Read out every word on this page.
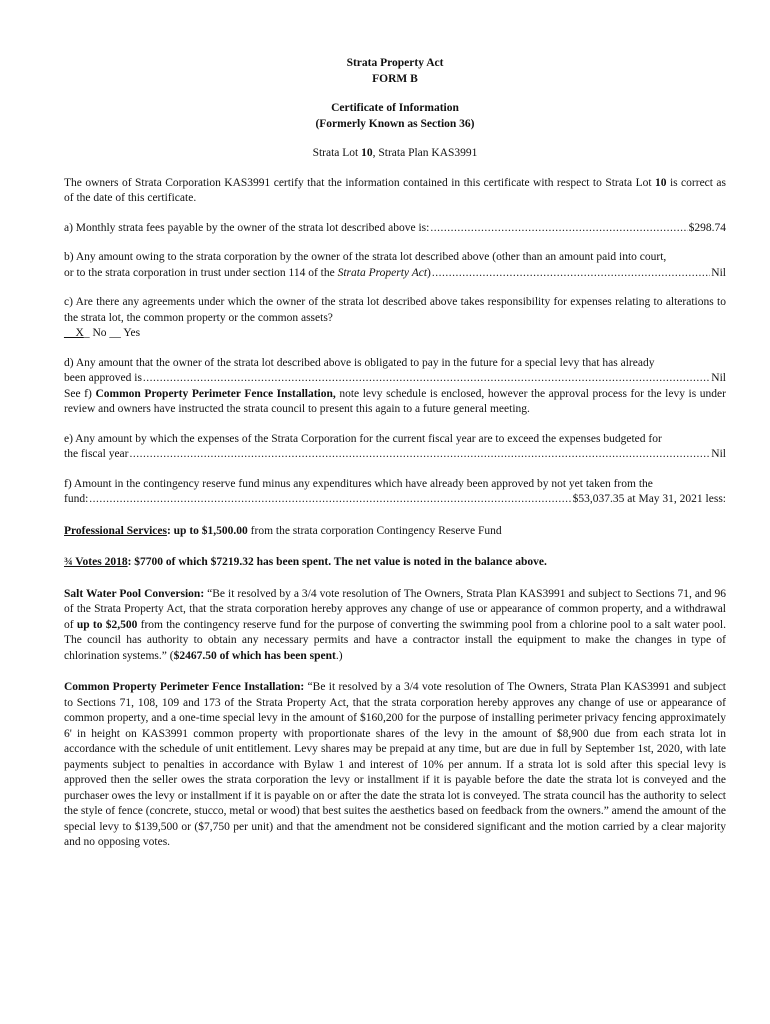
Strata Property Act

FORM B

Certificate of Information

(Formerly Known as Section 36)

Strata Lot 10, Strata Plan KAS3991

The owners of Strata Corporation KAS3991 certify that the information contained in this certificate with respect to Strata Lot 10 is correct as of the date of this certificate.

a) Monthly strata fees payable by the owner of the strata lot described above is: .....	$298.74

b) Any amount owing to the strata corporation by the owner of the strata lot described above (other than an amount paid into court,

or to the strata corporation in trust under section 114 of the Strata Property Act) .....	Nil

c) Are there any agreements under which the owner of the strata lot described above takes responsibility for expenses relating to alterations to the strata lot, the common property or the common assets?

__X_ No __ Yes

d) Any amount that the owner of the strata lot described above is obligated to pay in the future for a special levy that has already

been approved is .....	Nil

See f) Common Property Perimeter Fence Installation, note levy schedule is enclosed, however the approval process for the levy is under review and owners have instructed the strata council to present this again to a future general meeting.

e) Any amount by which the expenses of the Strata Corporation for the current fiscal year are to exceed the expenses budgeted for

the fiscal year .....	Nil

f) Amount in the contingency reserve fund minus any expenditures which have already been approved by not yet taken from the

fund: .....	$53,037.35 at May 31, 2021 less:

Professional Services: up to $1,500.00 from the strata corporation Contingency Reserve Fund

¾ Votes 2018: $7700 of which $7219.32 has been spent. The net value is noted in the balance above.

Salt Water Pool Conversion: “Be it resolved by a 3/4 vote resolution of The Owners, Strata Plan KAS3991 and subject to Sections 71, and 96 of the Strata Property Act, that the strata corporation hereby approves any change of use or appearance of common property, and a withdrawal of up to $2,500 from the contingency reserve fund for the purpose of converting the swimming pool from a chlorine pool to a salt water pool. The council has authority to obtain any necessary permits and have a contractor install the equipment to make the changes in type of chlorination systems.” ($2467.50 of which has been spent.)

Common Property Perimeter Fence Installation: “Be it resolved by a 3/4 vote resolution of The Owners, Strata Plan KAS3991 and subject to Sections 71, 108, 109 and 173 of the Strata Property Act, that the strata corporation hereby approves any change of use or appearance of common property, and a one-time special levy in the amount of $160,200 for the purpose of installing perimeter privacy fencing approximately 6' in height on KAS3991 common property with proportionate shares of the levy in the amount of $8,900 due from each strata lot in accordance with the schedule of unit entitlement. Levy shares may be prepaid at any time, but are due in full by September 1st, 2020, with late payments subject to penalties in accordance with Bylaw 1 and interest of 10% per annum. If a strata lot is sold after this special levy is approved then the seller owes the strata corporation the levy or installment if it is payable before the date the strata lot is conveyed and the purchaser owes the levy or installment if it is payable on or after the date the strata lot is conveyed. The strata council has the authority to select the style of fence (concrete, stucco, metal or wood) that best suites the aesthetics based on feedback from the owners.” amend the amount of the special levy to $139,500 or ($7,750 per unit) and that the amendment not be considered significant and the motion carried by a clear majority and no opposing votes.
